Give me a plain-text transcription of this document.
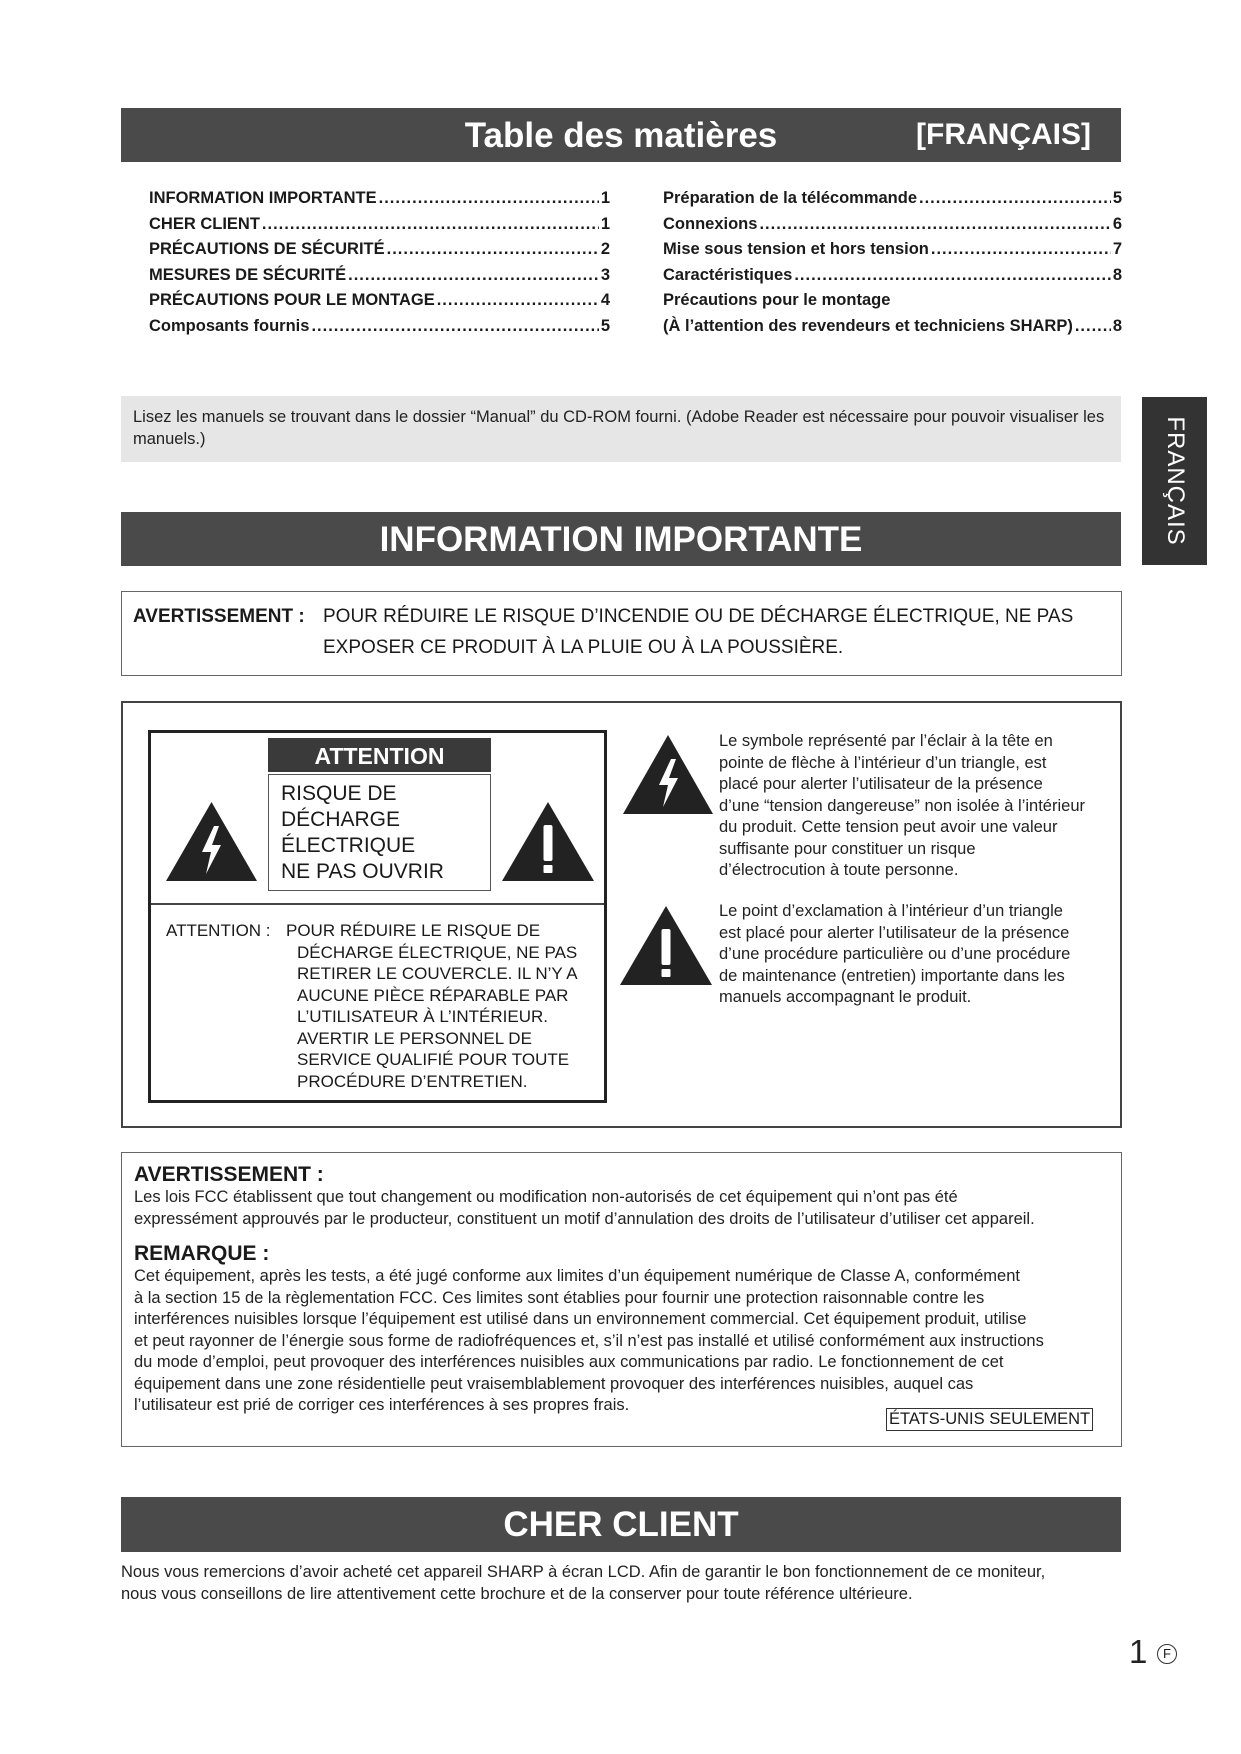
Table des matières	[FRANÇAIS]
INFORMATION IMPORTANTE .....	1
CHER CLIENT .....	1
PRÉCAUTIONS DE SÉCURITÉ .....	2
MESURES DE SÉCURITÉ .....	3
PRÉCAUTIONS POUR LE MONTAGE .....	4
Composants fournis .....	5
Préparation de la télécommande .....	5
Connexions .....	6
Mise sous tension et hors tension .....	7
Caractéristiques .....	8
Précautions pour le montage
(À l’attention des revendeurs et techniciens SHARP) ..... 8
Lisez les manuels se trouvant dans le dossier “Manual” du CD-ROM fourni. (Adobe Reader est nécessaire pour pouvoir visualiser les manuels.)	FRANÇAIS
INFORMATION IMPORTANTE
AVERTISSEMENT : POUR RÉDUIRE LE RISQUE D’INCENDIE OU DE DÉCHARGE ÉLECTRIQUE, NE PAS
EXPOSER CE PRODUIT À LA PLUIE OU À LA POUSSIÈRE.
ATTENTION
RISQUE DE
DÉCHARGE
ÉLECTRIQUE
NE PAS OUVRIR
ATTENTION : POUR RÉDUIRE LE RISQUE DE
DÉCHARGE ÉLECTRIQUE, NE PAS
RETIRER LE COUVERCLE. IL N’Y A
AUCUNE PIÈCE RÉPARABLE PAR
L’UTILISATEUR À L’INTÉRIEUR.
AVERTIR LE PERSONNEL DE
SERVICE QUALIFIÉ POUR TOUTE
PROCÉDURE D’ENTRETIEN.
Le symbole représenté par l’éclair à la tête en
pointe de flèche à l’intérieur d’un triangle, est
placé pour alerter l’utilisateur de la présence
d’une “tension dangereuse” non isolée à l’intérieur
du produit. Cette tension peut avoir une valeur
suffisante pour constituer un risque
d’électrocution à toute personne.
Le point d’exclamation à l’intérieur d’un triangle
est placé pour alerter l’utilisateur de la présence
d’une procédure particulière ou d’une procédure
de maintenance (entretien) importante dans les
manuels accompagnant le produit.
AVERTISSEMENT :
Les lois FCC établissent que tout changement ou modification non-autorisés de cet équipement qui n’ont pas été
expressément approuvés par le producteur, constituent un motif d’annulation des droits de l’utilisateur d’utiliser cet appareil.
REMARQUE :
Cet équipement, après les tests, a été jugé conforme aux limites d’un équipement numérique de Classe A, conformément
à la section 15 de la règlementation FCC. Ces limites sont établies pour fournir une protection raisonnable contre les
interférences nuisibles lorsque l’équipement est utilisé dans un environnement commercial. Cet équipement produit, utilise
et peut rayonner de l’énergie sous forme de radiofréquences et, s’il n’est pas installé et utilisé conformément aux instructions
du mode d’emploi, peut provoquer des interférences nuisibles aux communications par radio. Le fonctionnement de cet
équipement dans une zone résidentielle peut vraisemblablement provoquer des interférences nuisibles, auquel cas
l’utilisateur est prié de corriger ces interférences à ses propres frais.
ÉTATS-UNIS SEULEMENT
CHER CLIENT
Nous vous remercions d’avoir acheté cet appareil SHARP à écran LCD. Afin de garantir le bon fonctionnement de ce moniteur,
nous vous conseillons de lire attentivement cette brochure et de la conserver pour toute référence ultérieure.
1	F
